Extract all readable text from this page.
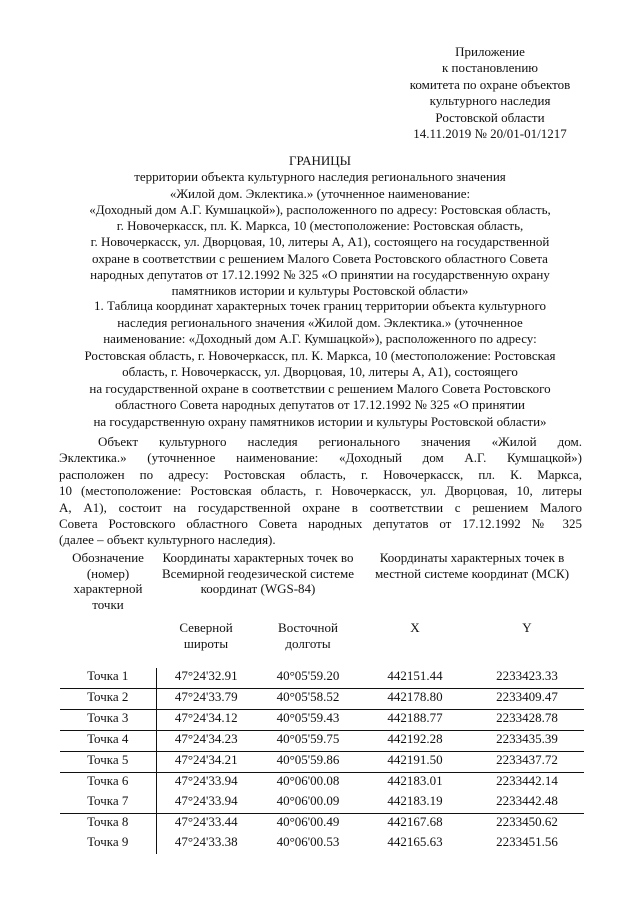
Приложение
к постановлению
комитета по охране объектов
культурного наследия
Ростовской области
14.11.2019 № 20/01-01/1217
ГРАНИЦЫ
территории объекта культурного наследия регионального значения
«Жилой дом. Эклектика.» (уточненное наименование:
«Доходный дом А.Г. Кумшацкой»), расположенного по адресу: Ростовская область,
г. Новочеркасск, пл. К. Маркса, 10 (местоположение: Ростовская область,
г. Новочеркасск, ул. Дворцовая, 10, литеры А, А1), состоящего на государственной
охране в соответствии с решением Малого Совета Ростовского областного Совета
народных депутатов от 17.12.1992 № 325 «О принятии на государственную охрану
памятников истории и культуры Ростовской области»
1. Таблица координат характерных точек границ территории объекта культурного
наследия регионального значения «Жилой дом. Эклектика.» (уточненное
наименование: «Доходный дом А.Г. Кумшацкой»), расположенного по адресу:
Ростовская область, г. Новочеркасск, пл. К. Маркса, 10 (местоположение: Ростовская
область, г. Новочеркасск, ул. Дворцовая, 10, литеры А, А1), состоящего
на государственной охране в соответствии с решением Малого Совета Ростовского
областного Совета народных депутатов от 17.12.1992 № 325 «О принятии
на государственную охрану памятников истории и культуры Ростовской области»
Объект культурного наследия регионального значения «Жилой дом.
Эклектика.» (уточненное наименование: «Доходный дом А.Г. Кумшацкой»)
расположен по адресу: Ростовская область, г. Новочеркасск, пл. К. Маркса,
10 (местоположение: Ростовская область, г. Новочеркасск, ул. Дворцовая, 10, литеры
А, А1), состоит на государственной охране в соответствии с решением Малого
Совета Ростовского областного Совета народных депутатов от 17.12.1992 № 325
(далее – объект культурного наследия).
Обозначение (номер) характерной точки	Координаты характерных точек во Всемирной геодезической системе координат (WGS-84)		Координаты характерных точек в местной системе координат (МСК)	
	Северной широты	Восточной долготы	X	Y
Точка 1	47°24'32.91	40°05'59.20	442151.44	2233423.33
Точка 2	47°24'33.79	40°05'58.52	442178.80	2233409.47
Точка 3	47°24'34.12	40°05'59.43	442188.77	2233428.78
Точка 4	47°24'34.23	40°05'59.75	442192.28	2233435.39
Точка 5	47°24'34.21	40°05'59.86	442191.50	2233437.72
Точка 6	47°24'33.94	40°06'00.08	442183.01	2233442.14
Точка 7	47°24'33.94	40°06'00.09	442183.19	2233442.48
Точка 8	47°24'33.44	40°06'00.49	442167.68	2233450.62
Точка 9	47°24'33.38	40°06'00.53	442165.63	2233451.56
